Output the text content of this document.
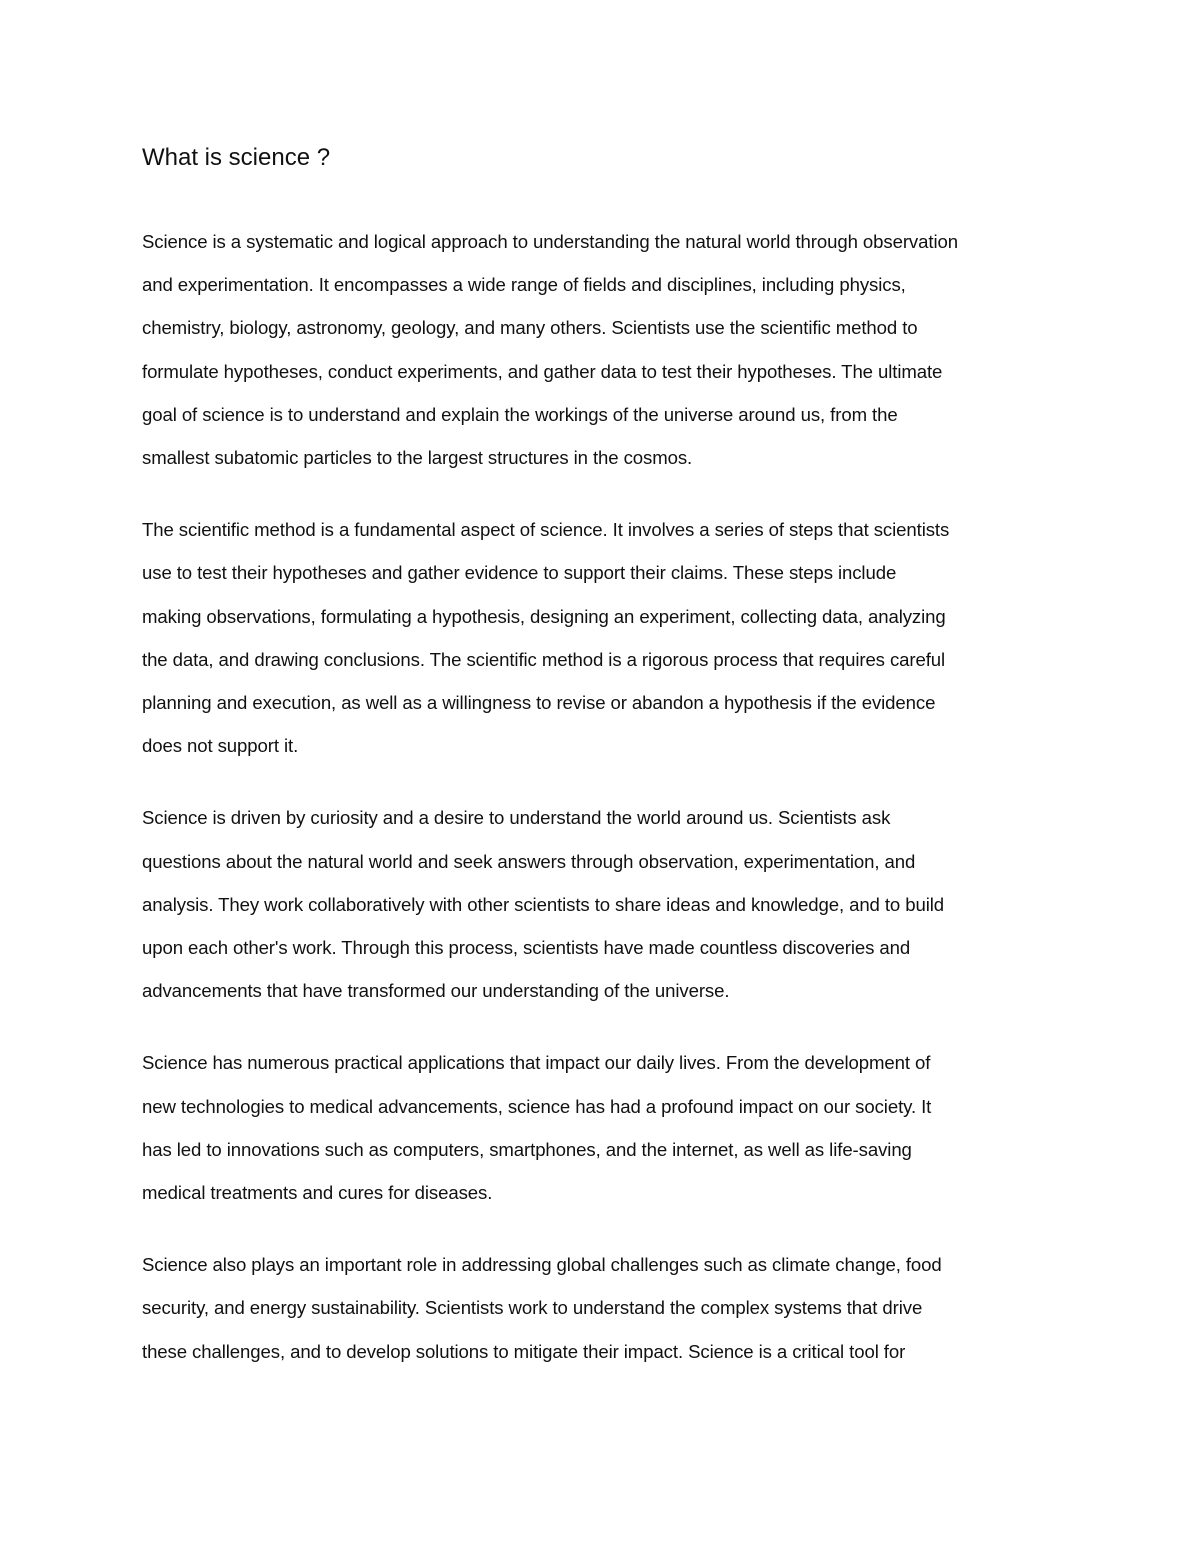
What is science ?

Science is a systematic and logical approach to understanding the natural world through observation
and experimentation. It encompasses a wide range of fields and disciplines, including physics,
chemistry, biology, astronomy, geology, and many others. Scientists use the scientific method to
formulate hypotheses, conduct experiments, and gather data to test their hypotheses. The ultimate
goal of science is to understand and explain the workings of the universe around us, from the
smallest subatomic particles to the largest structures in the cosmos.

The scientific method is a fundamental aspect of science. It involves a series of steps that scientists
use to test their hypotheses and gather evidence to support their claims. These steps include
making observations, formulating a hypothesis, designing an experiment, collecting data, analyzing
the data, and drawing conclusions. The scientific method is a rigorous process that requires careful
planning and execution, as well as a willingness to revise or abandon a hypothesis if the evidence
does not support it.

Science is driven by curiosity and a desire to understand the world around us. Scientists ask
questions about the natural world and seek answers through observation, experimentation, and
analysis. They work collaboratively with other scientists to share ideas and knowledge, and to build
upon each other's work. Through this process, scientists have made countless discoveries and
advancements that have transformed our understanding of the universe.

Science has numerous practical applications that impact our daily lives. From the development of
new technologies to medical advancements, science has had a profound impact on our society. It
has led to innovations such as computers, smartphones, and the internet, as well as life-saving
medical treatments and cures for diseases.

Science also plays an important role in addressing global challenges such as climate change, food
security, and energy sustainability. Scientists work to understand the complex systems that drive
these challenges, and to develop solutions to mitigate their impact. Science is a critical tool for
